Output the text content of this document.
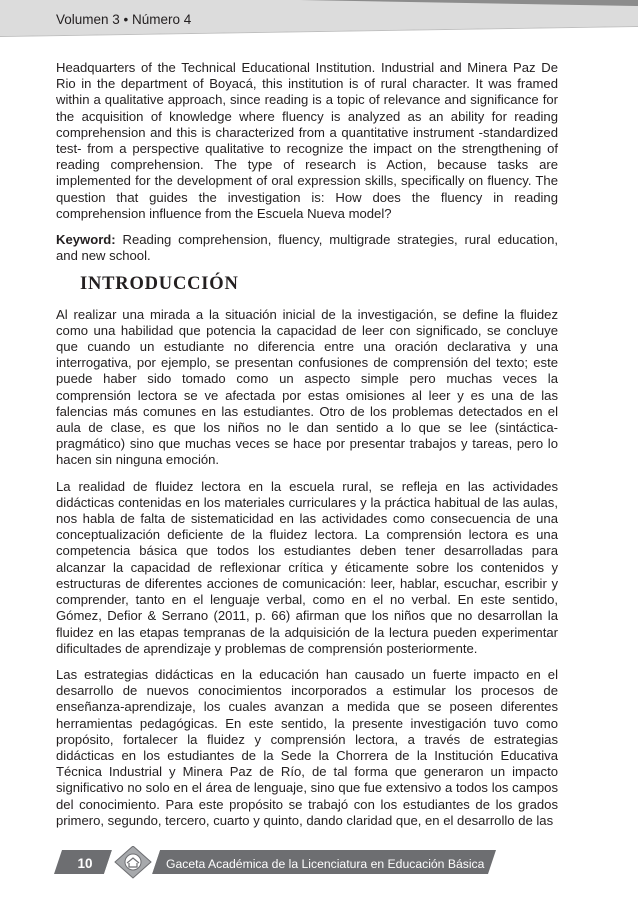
Volumen 3 • Número 4

Headquarters of the Technical Educational Institution. Industrial and Minera Paz De Rio in the department of Boyacá, this institution is of rural character. It was framed within a qualitative approach, since reading is a topic of relevance and significance for the acquisition of knowledge where fluency is analyzed as an ability for reading comprehension and this is characterized from a quantitative instrument -standardized test- from a perspective qualitative to recognize the impact on the strengthening of reading comprehension. The type of research is Action, because tasks are implemented for the development of oral expression skills, specifically on fluency. The question that guides the investigation is: How does the fluency in reading comprehension influence from the Escuela Nueva model?

Keyword: Reading comprehension, fluency, multigrade strategies, rural education, and new school.

INTRODUCCIÓN

Al realizar una mirada a la situación inicial de la investigación, se define la fluidez como una habilidad que potencia la capacidad de leer con significado, se concluye que cuando un estudiante no diferencia entre una oración declarativa y una interrogativa, por ejemplo, se presentan confusiones de comprensión del texto; este puede haber sido tomado como un aspecto simple pero muchas veces la comprensión lectora se ve afectada por estas omisiones al leer y es una de las falencias más comunes en las estudiantes. Otro de los problemas detectados en el aula de clase, es que los niños no le dan sentido a lo que se lee (sintáctica-pragmático) sino que muchas veces se hace por presentar trabajos y tareas, pero lo hacen sin ninguna emoción.

La realidad de fluidez lectora en la escuela rural, se refleja en las actividades didácticas contenidas en los materiales curriculares y la práctica habitual de las aulas, nos habla de falta de sistematicidad en las actividades como consecuencia de una conceptualización deficiente de la fluidez lectora. La comprensión lectora es una competencia básica que todos los estudiantes deben tener desarrolladas para alcanzar la capacidad de reflexionar crítica y éticamente sobre los contenidos y estructuras de diferentes acciones de comunicación: leer, hablar, escuchar, escribir y comprender, tanto en el lenguaje verbal, como en el no verbal. En este sentido, Gómez, Defior & Serrano (2011, p. 66) afirman que los niños que no desarrollan la fluidez en las etapas tempranas de la adquisición de la lectura pueden experimentar dificultades de aprendizaje y problemas de comprensión posteriormente.

Las estrategias didácticas en la educación han causado un fuerte impacto en el desarrollo de nuevos conocimientos incorporados a estimular los procesos de enseñanza-aprendizaje, los cuales avanzan a medida que se poseen diferentes herramientas pedagógicas. En este sentido, la presente investigación tuvo como propósito, fortalecer la fluidez y comprensión lectora, a través de estrategias didácticas en los estudiantes de la Sede la Chorrera de la Institución Educativa Técnica Industrial y Minera Paz de Río, de tal forma que generaron un impacto significativo no solo en el área de lenguaje, sino que fue extensivo a todos los campos del conocimiento. Para este propósito se trabajó con los estudiantes de los grados primero, segundo, tercero, cuarto y quinto, dando claridad que, en el desarrollo de las

10	Gaceta Académica de la Licenciatura en Educación Básica
